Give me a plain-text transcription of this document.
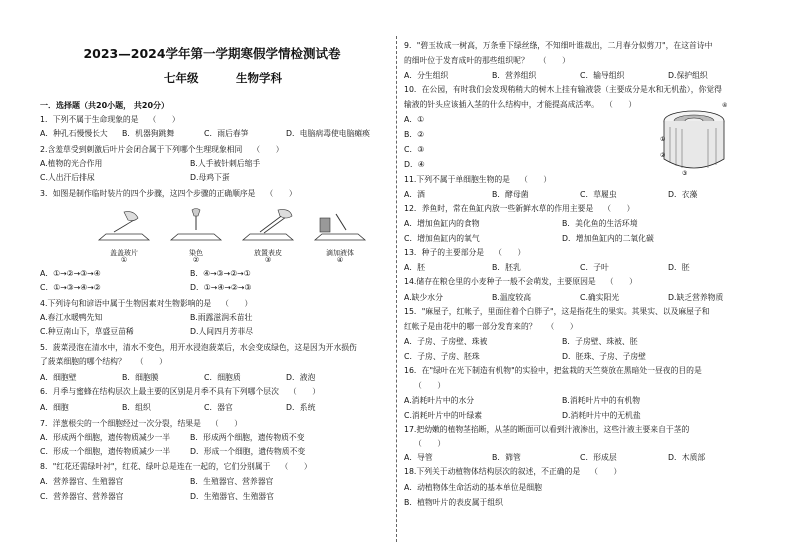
2023—2024学年第一学期寒假学情检测试卷
七年级	生物学科
一．选择题（共20小题， 共20分）
1．下列不属于生命现象的是 （　　）
A．种孔石慢慢长大	B．机器狗跳舞	C．雨后春笋	D．电脑病毒使电脑瘫痪
2.含羞草受到刺激后叶片会闭合属于下列哪个生理现象相同 （　　）
A.植物的光合作用	B.人手被针刺后缩手
C.人出汗后排尿	D.母鸡下蛋
3．如图是制作临时装片的四个步骤，这四个步骤的正确顺序是 （　　）
A．①→②→③→④	B．④→③→②→①
C．①→③→④→②	D．①→④→②→③
4.下列诗句和谚语中属于生物因素对生物影响的是 （　　）
A.春江水暖鸭先知	B.雨露滋润禾苗壮
C.种豆南山下，草盛豆苗稀	D.人间四月芳菲尽
5．菠菜浸泡在清水中，清水不变色，用开水浸泡菠菜后，水会变成绿色，这是因为开水损伤
了菠菜细胞的哪个结构？ （　　）
A．细胞壁	B．细胞膜	C．细胞质	D．液泡
6．月季与蜜蜂在结构层次上最主要的区别是月季不具有下列哪个层次 （　　）
A．细胞	B．组织	C．器官	D．系统
7．洋葱根尖的一个细胞经过一次分裂，结果是 （　　）
A．形成两个细胞，遗传物质减少一半	B．形成两个细胞，遗传物质不变
C．形成一个细胞，遗传物质减少一半	D．形成一个细胞，遗传物质不变
8．"红花还需绿叶衬"，红花、绿叶总是连在一起的，它们分别属于 （　　）
A．营养器官、生殖器官	B．生殖器官、营养器官
C．营养器官、营养器官	D．生殖器官、生殖器官
盖盖玻片
①
染色
②
放置表皮
③
滴加液体
④
9．"碧玉妆成一树高，万条垂下绿丝绦，不知细叶谁裁出，二月春分似剪刀"，在这首诗中
的细叶位于发育成叶的那些组织呢？ （　　）
A．分生组织	B．营养组织	C．输导组织	D.保护组织
10．在公园，有时我们会发现稍稍大的树木上挂有输液袋（主要成分是水和无机盐），你觉得
输液的针头应该插入茎的什么结构中，才能提高成活率。 （　　）
A．①
B．②
C．③
D．④
11.下列不属于单细胞生物的是 （　　）
A．酒	B．酵母菌	C．草履虫	D．衣藻
12．养鱼时，常在鱼缸内放一些新鲜水草的作用主要是 （　　）
A．增加鱼缸内的食物	B．美化鱼的生活环境
C．增加鱼缸内的氧气	D．增加鱼缸内的二氧化碳
13．种子的主要部分是 （　　）
A．胚	B．胚乳	C．子叶	D．胚
14.储存在粮仓里的小麦种子一般不会萌发，主要原因是 （　　）
A.缺少水分	B.温度较高	C.确实阳光	D.缺乏营养物质
15．"麻屋子，红帐子，里面住着个白胖子"，这是指花生的果实。其果实、以及麻屋子和
红帐子是由花中的哪一部分发育来的？ （　　）
A．子房、子房壁、珠被	B．子房壁、珠被、胚
C．子房、子房、胚珠	D．胚珠、子房、子房壁
16．在"绿叶在光下制造有机物"的实验中，把盆栽的天竺葵放在黑暗处一昼夜的目的是
（　　）
A.消耗叶片中的水分	B.消耗叶片中的有机物
C.消耗叶片中的叶绿素	D.消耗叶片中的无机盐
17.把幼嫩的植物茎掐断，从茎的断面可以看到汁液渗出，这些汁液主要来自于茎的
（　　）
A．导管	B．筛管	C．形成层	D．木质部
18.下列关于动植物体结构层次的叙述，不正确的是 （　　）
A．动植物体生命活动的基本单位是细胞
B．植物叶片的表皮属于组织
④
①
②
③
